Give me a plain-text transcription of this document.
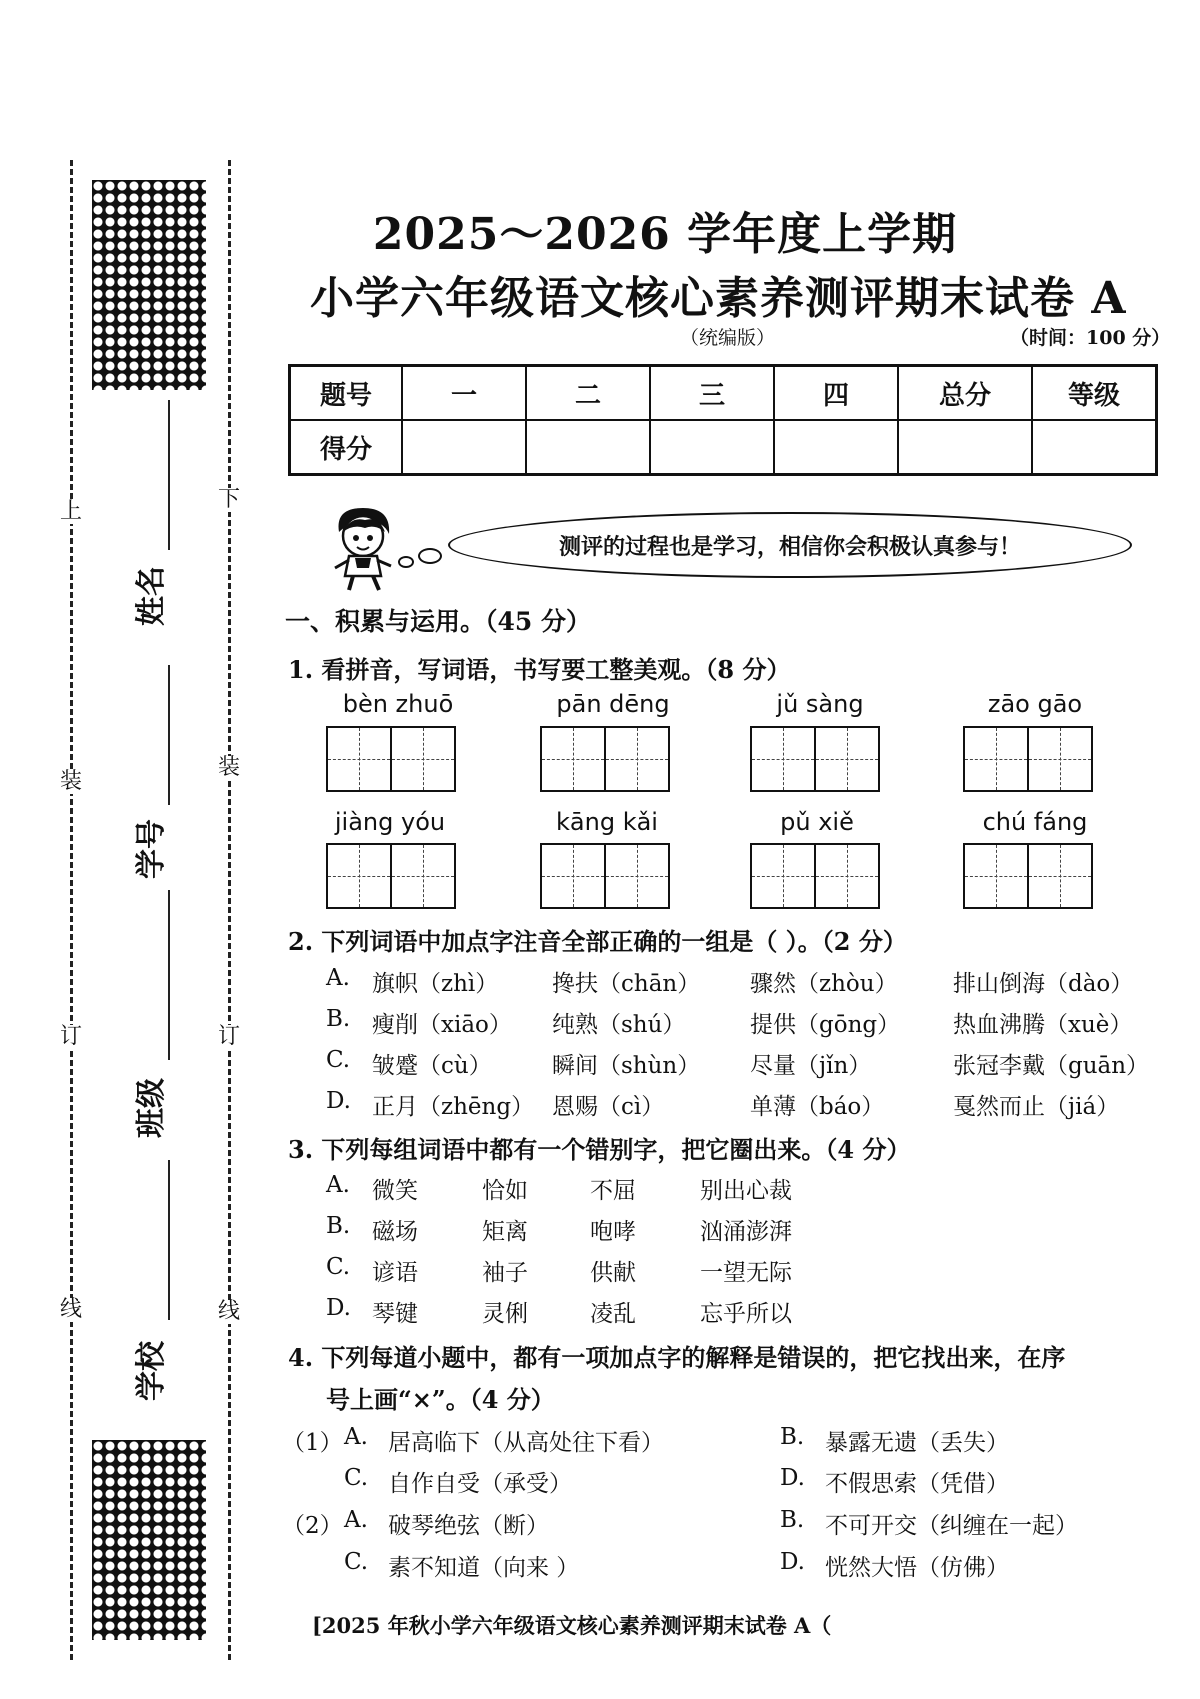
上
装
订
线
下
装
订
线
姓名
学号
班级
学校
2025～2026 学年度上学期
小学六年级语文核心素养测评期末试卷 A
（统编版）	（时间：100 分）
题号	一	二	三	四	总分	等级
得分						
测评的过程也是学习，相信你会积极认真参与！
一、积累与运用。（45 分）
1. 看拼音，写词语，书写要工整美观。（8 分）
bèn zhuō	pān dēng	jǔ sàng	zāo gāo
jiàng yóu	kāng kǎi	pǔ xiě	chú fáng
2. 下列词语中加点字注音全部正确的一组是（ ）。（2 分）
A. 旗帜（zhì） 搀扶（chān） 骤然（zhòu） 排山倒海（dào）
B. 瘦削（xiāo） 纯熟（shú）	提供（gōng） 热血沸腾（xuè）
C. 皱蹙（cù）	瞬间（shùn） 尽量（jǐn）	张冠李戴（guān）
D. 正月（zhēng） 恩赐（cì）	单薄（báo）	戛然而止（jiá）
3. 下列每组词语中都有一个错别字，把它圈出来。（4 分）
A. 微笑	恰如	不屈	别出心裁
B. 磁场	矩离	咆哮	汹涌澎湃
C. 谚语	袖子	供献	一望无际
D. 琴键	灵俐	凌乱	忘乎所以
4. 下列每道小题中，都有一项加点字的解释是错误的，把它找出来，在序
号上画“×”。（4 分）
（1） A. 居高临下（从高处往下看）	B. 暴露无遗（丢失）
C. 自作自受（承受）	D. 不假思索（凭借）
（2） A. 破琴绝弦（断）	B. 不可开交（纠缠在一起）
C. 素不知道（向来 ）	D. 恍然大悟（仿佛）
[2025 年秋小学六年级语文核心素养测评期末试卷 A（
